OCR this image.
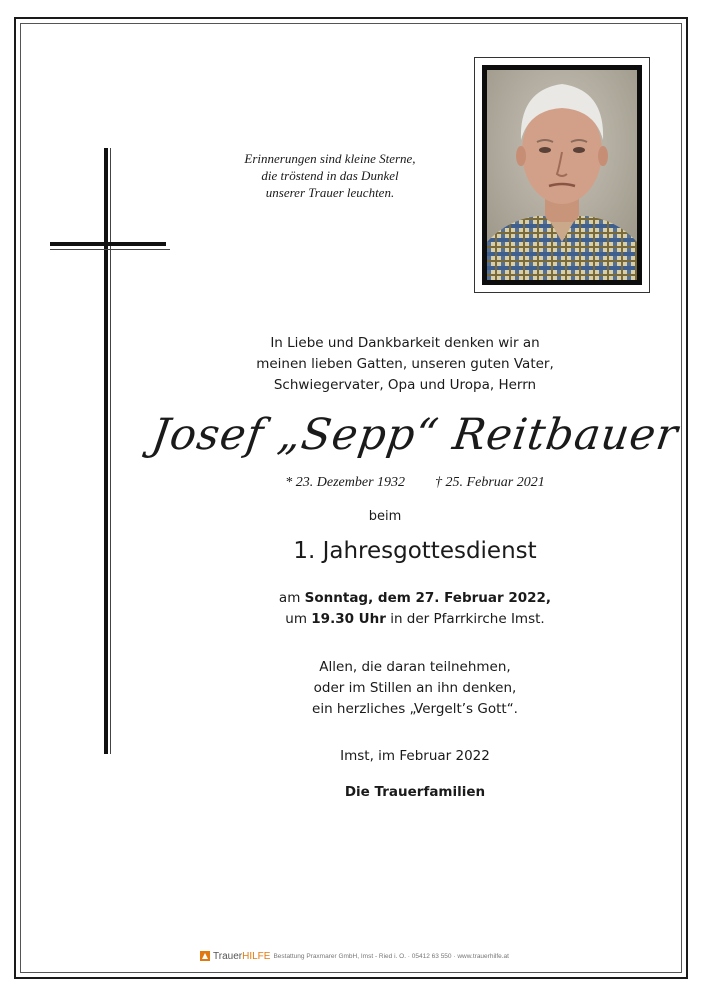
Erinnerungen sind kleine Sterne,
die tröstend in das Dunkel
unserer Trauer leuchten.
In Liebe und Dankbarkeit denken wir an
meinen lieben Gatten, unseren guten Vater,
Schwiegervater, Opa und Uropa, Herrn
Josef „Sepp“ Reitbauer
* 23. Dezember 1932 † 25. Februar 2021
beim
1. Jahresgottesdienst
am Sonntag, dem 27. Februar 2022,
um 19.30 Uhr in der Pfarrkirche Imst.
Allen, die daran teilnehmen,
oder im Stillen an ihn denken,
ein herzliches „Vergelt’s Gott“.
Imst, im Februar 2022
Die Trauerfamilien
TrauerHILFE Bestattung Praxmarer GmbH, Imst - Ried i. O. · 05412 63 550 · www.trauerhilfe.at
